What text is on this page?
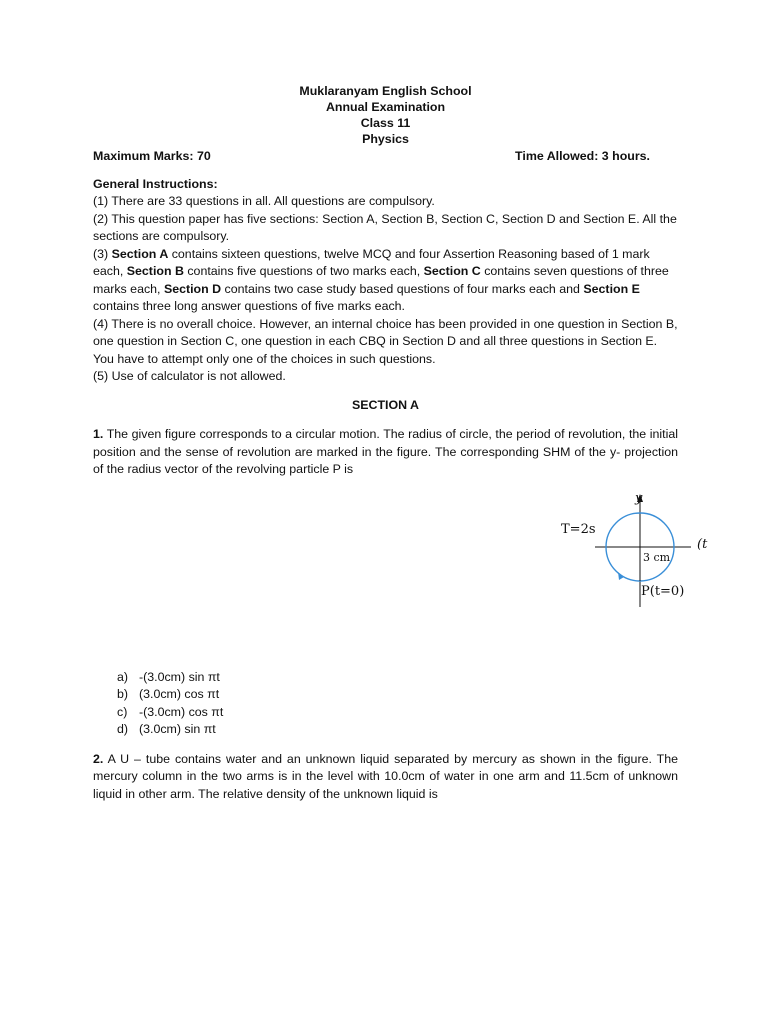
Muklaranyam English School
Annual Examination
Class 11
Physics
Maximum Marks: 70	Time Allowed: 3 hours.
General Instructions:

(1) There are 33 questions in all. All questions are compulsory.

(2) This question paper has five sections: Section A, Section B, Section C, Section D and Section E. All the sections are compulsory.

(3) Section A contains sixteen questions, twelve MCQ and four Assertion Reasoning based of 1 mark each, Section B contains five questions of two marks each, Section C contains seven questions of three marks each, Section D contains two case study based questions of four marks each and Section E contains three long answer questions of five marks each.

(4) There is no overall choice. However, an internal choice has been provided in one question in Section B, one question in Section C, one question in each CBQ in Section D and all three questions in Section E. You have to attempt only one of the choices in such questions.

(5) Use of calculator is not allowed.

SECTION A

1. The given figure corresponds to a circular motion. The radius of circle, the period of revolution, the initial position and the sense of revolution are marked in the figure. The corresponding SHM of the y- projection of the radius vector of the revolving particle P is

y
T=2s
3 cm
P(t=0)
(t
a) -(3.0cm) sin πt
b) (3.0cm) cos πt
c) -(3.0cm) cos πt
d) (3.0cm) sin πt

2. A U – tube contains water and an unknown liquid separated by mercury as shown in the figure. The mercury column in the two arms is in the level with 10.0cm of water in one arm and 11.5cm of unknown liquid in other arm. The relative density of the unknown liquid is
